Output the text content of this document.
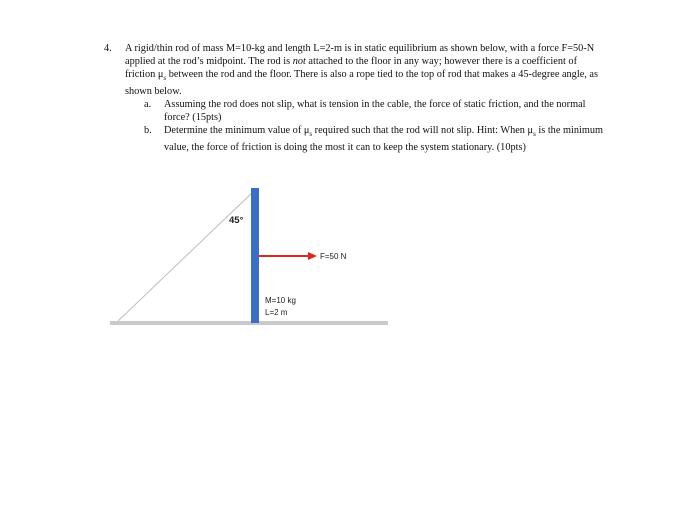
4. A rigid/thin rod of mass M=10-kg and length L=2-m is in static equilibrium as shown below, with a force F=50-N applied at the rod’s midpoint. The rod is not attached to the floor in any way; however there is a coefficient of friction $\mu_s$ between the rod and the floor. There is also a rope tied to the top of rod that makes a 45-degree angle, as shown below.
a. Assuming the rod does not slip, what is tension in the cable, the force of static friction, and the normal force? (15pts)
b. Determine the minimum value of $\mu_s$ required such that the rod will not slip. Hint: When $\mu_s$ is the minimum value, the force of friction is doing the most it can to keep the system stationary. (10pts)
45°
F=50 N
M=10 kg
L=2 m
